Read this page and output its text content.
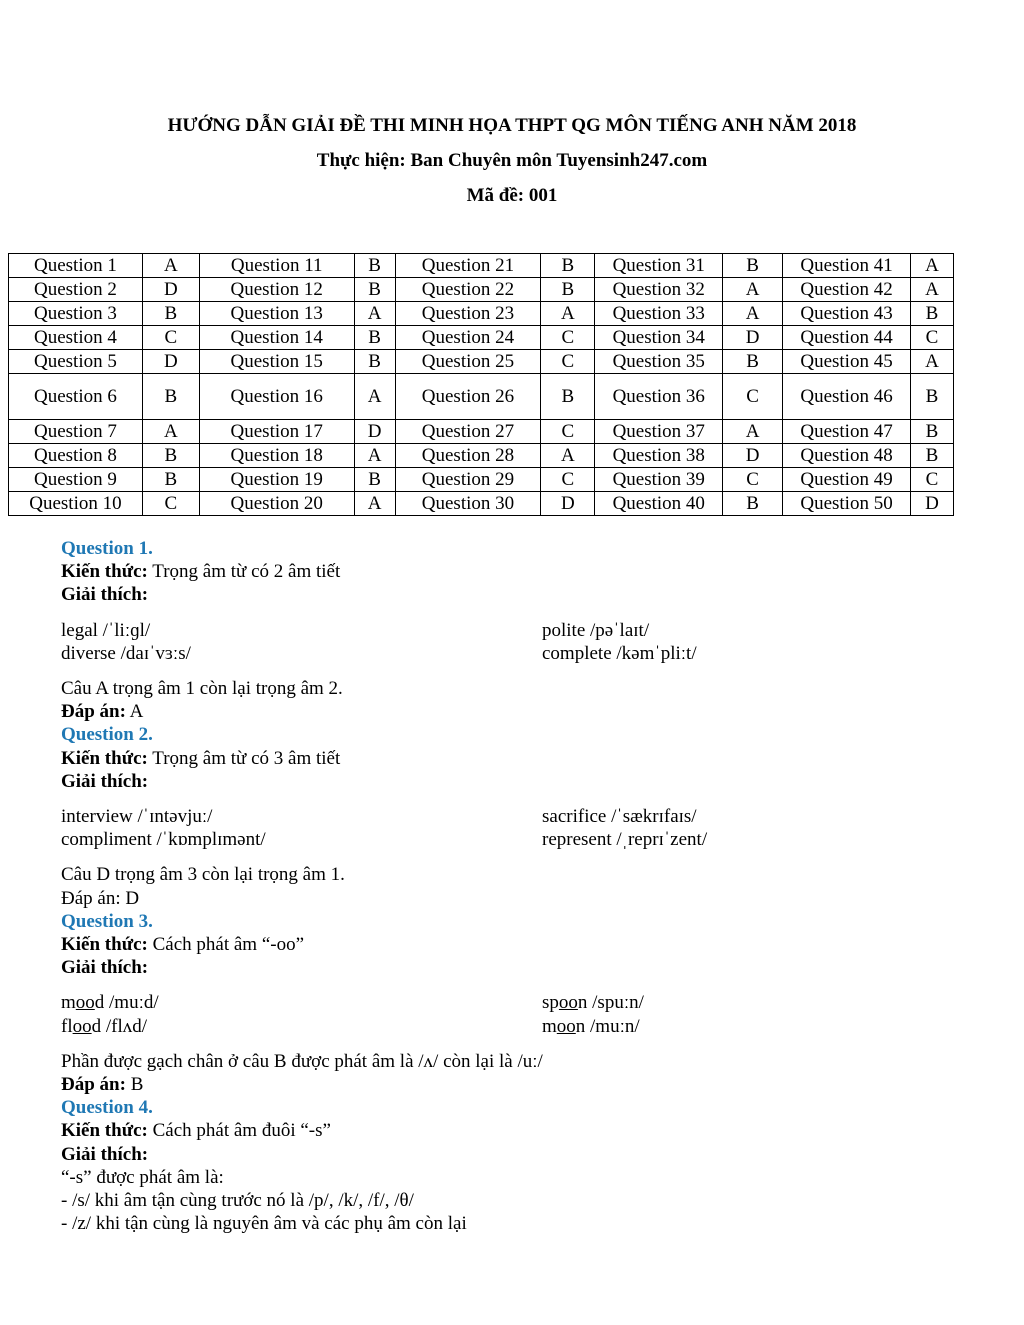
HƯỚNG DẪN GIẢI ĐỀ THI MINH HỌA THPT QG MÔN TIẾNG ANH NĂM 2018
Thực hiện: Ban Chuyên môn Tuyensinh247.com
Mã đề: 001
Question 1	A	Question 11	B	Question 21	B	Question 31	B	Question 41	A
Question 2	D	Question 12	B	Question 22	B	Question 32	A	Question 42	A
Question 3	B	Question 13	A	Question 23	A	Question 33	A	Question 43	B
Question 4	C	Question 14	B	Question 24	C	Question 34	D	Question 44	C
Question 5	D	Question 15	B	Question 25	C	Question 35	B	Question 45	A
Question 6	B	Question 16	A	Question 26	B	Question 36	C	Question 46	B
Question 7	A	Question 17	D	Question 27	C	Question 37	A	Question 47	B
Question 8	B	Question 18	A	Question 28	A	Question 38	D	Question 48	B
Question 9	B	Question 19	B	Question 29	C	Question 39	C	Question 49	C
Question 10	C	Question 20	A	Question 30	D	Question 40	B	Question 50	D
Question 1.
Kiến thức: Trọng âm từ có 2 âm tiết
Giải thích:
legal /ˈliːɡl/	polite /pəˈlaɪt/
diverse /daɪˈvɜːs/	complete /kəmˈpliːt/
Câu A trọng âm 1 còn lại trọng âm 2.
Đáp án: A
Question 2.
Kiến thức: Trọng âm từ có 3 âm tiết
Giải thích:
interview /ˈɪntəvjuː/	sacrifice /ˈsækrɪfaɪs/
compliment /ˈkɒmplɪmənt/	represent /ˌreprɪˈzent/
Câu D trọng âm 3 còn lại trọng âm 1.
Đáp án: D
Question 3.
Kiến thức: Cách phát âm “-oo”
Giải thích:
mood /muːd/	spoon /spuːn/
flood /flʌd/	moon /muːn/
Phần được gạch chân ở câu B được phát âm là /ʌ/ còn lại là /uː/
Đáp án: B
Question 4.
Kiến thức: Cách phát âm đuôi “-s”
Giải thích:
“-s” được phát âm là:
- /s/ khi âm tận cùng trước nó là /p/, /k/, /f/, /θ/
- /z/ khi tận cùng là nguyên âm và các phụ âm còn lại
